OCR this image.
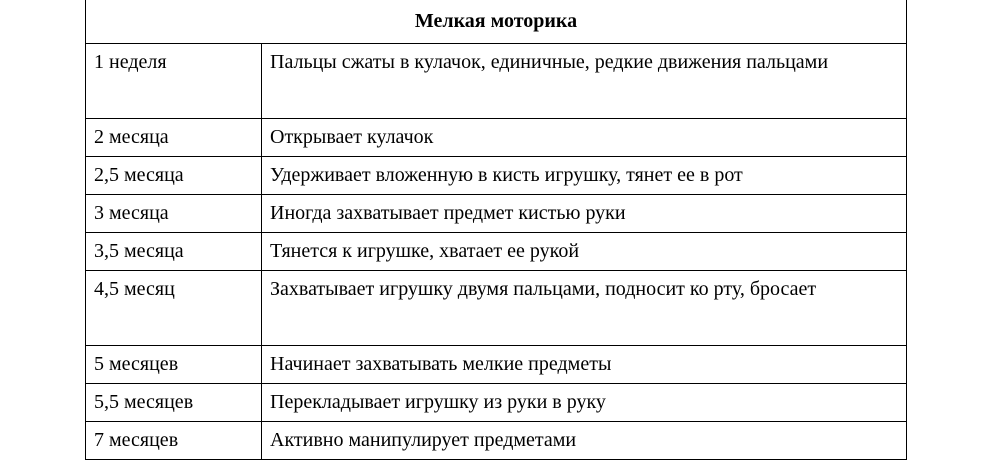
Мелкая моторика	
1 неделя	Пальцы сжаты в кулачок, единичные, редкие движения пальцами
2 месяца	Открывает кулачок
2,5 месяца	Удерживает вложенную в кисть игрушку, тянет ее в рот
3 месяца	Иногда захватывает предмет кистью руки
3,5 месяца	Тянется к игрушке, хватает ее рукой
4,5 месяц	Захватывает игрушку двумя пальцами, подносит ко рту, бросает
5 месяцев	Начинает захватывать мелкие предметы
5,5 месяцев	Перекладывает игрушку из руки в руку
7 месяцев	Активно манипулирует предметами
